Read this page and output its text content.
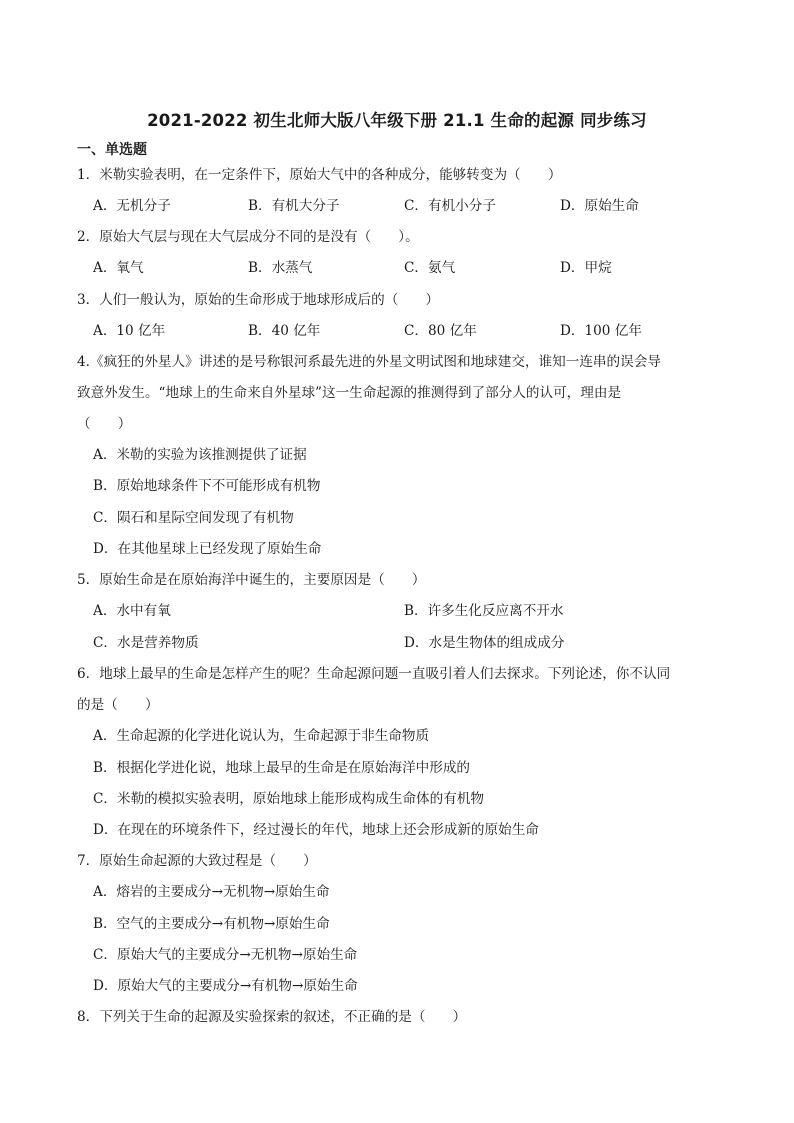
2021-2022 初生北师大版八年级下册 21.1 生命的起源 同步练习
一、单选题
1．米勒实验表明，在一定条件下，原始大气中的各种成分，能够转变为（　　）
A．无机分子	B．有机大分子	C．有机小分子	D．原始生命
2．原始大气层与现在大气层成分不同的是没有（　　）。
A．氧气	B．水蒸气	C．氨气	D．甲烷
3．人们一般认为，原始的生命形成于地球形成后的（　　）
A．10 亿年	B．40 亿年	C．80 亿年	D．100 亿年
4.《疯狂的外星人》讲述的是号称银河系最先进的外星文明试图和地球建交，谁知一连串的误会导
致意外发生。“地球上的生命来自外星球”这一生命起源的推测得到了部分人的认可，理由是
（　　）
A．米勒的实验为该推测提供了证据
B．原始地球条件下不可能形成有机物
C．陨石和星际空间发现了有机物
D．在其他星球上已经发现了原始生命
5．原始生命是在原始海洋中诞生的，主要原因是（　　）
A．水中有氧	B．许多生化反应离不开水
C．水是营养物质	D．水是生物体的组成成分
6．地球上最早的生命是怎样产生的呢？生命起源问题一直吸引着人们去探求。下列论述，你不认同
的是（　　）
A．生命起源的化学进化说认为，生命起源于非生命物质
B．根据化学进化说，地球上最早的生命是在原始海洋中形成的
C．米勒的模拟实验表明，原始地球上能形成构成生命体的有机物
D．在现在的环境条件下，经过漫长的年代，地球上还会形成新的原始生命
7．原始生命起源的大致过程是（　　）
A．熔岩的主要成分→无机物→原始生命
B．空气的主要成分→有机物→原始生命
C．原始大气的主要成分→无机物→原始生命
D．原始大气的主要成分→有机物→原始生命
8．下列关于生命的起源及实验探索的叙述，不正确的是（　　）
